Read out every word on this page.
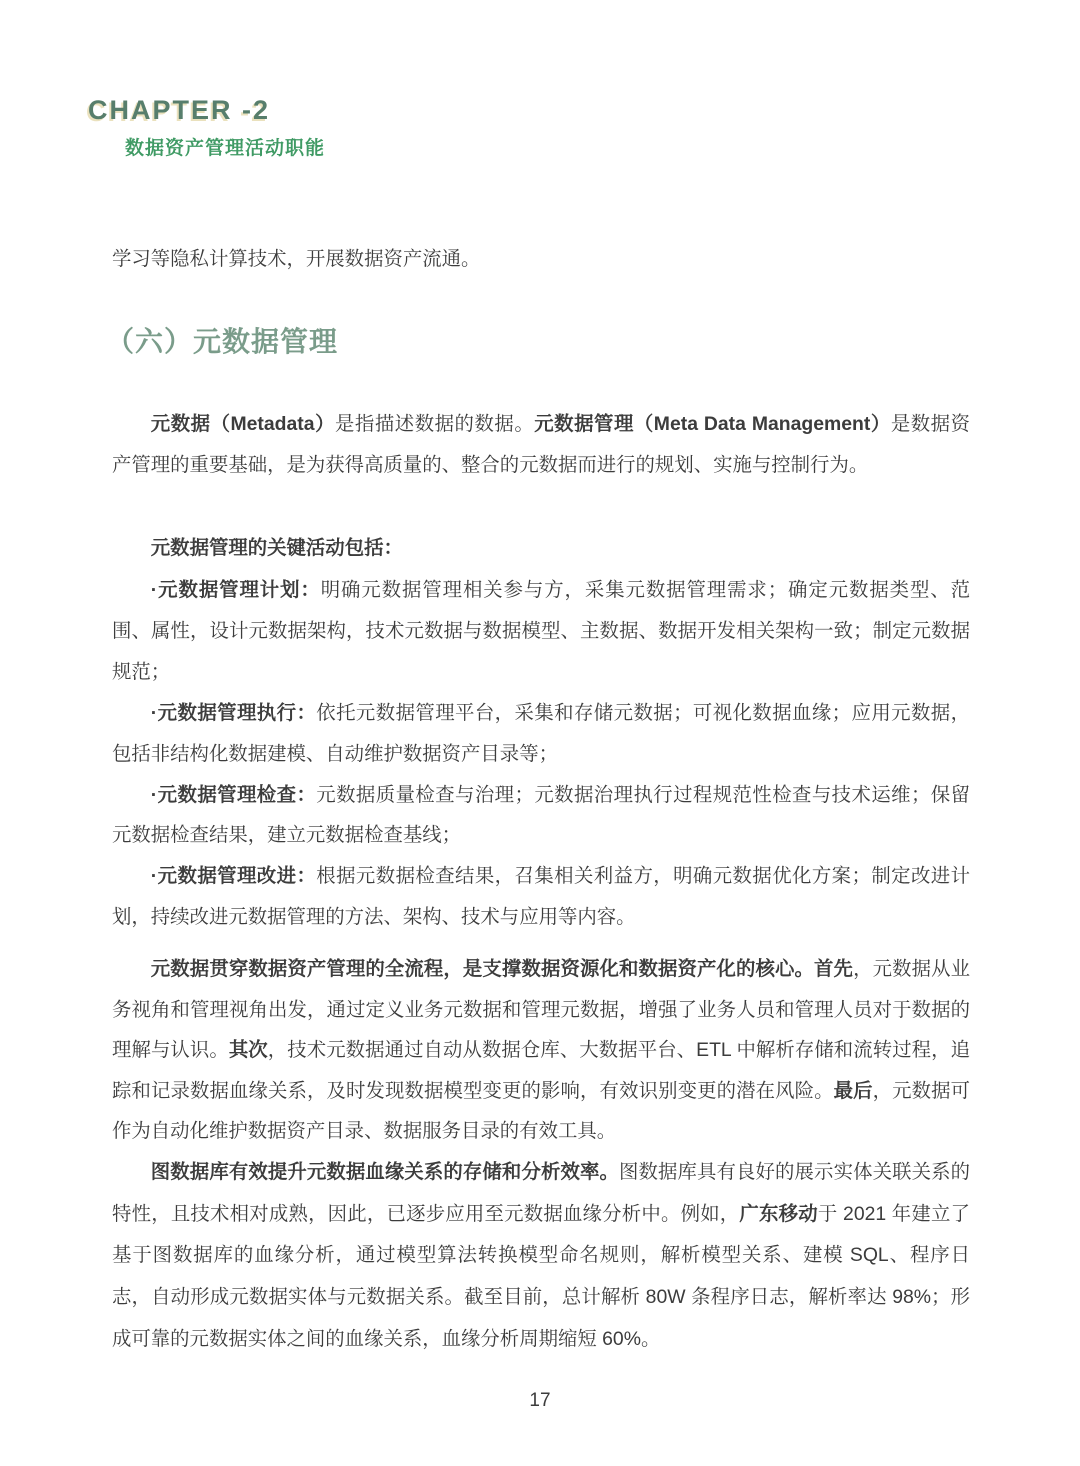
CHAPTER -2
数据资产管理活动职能
学习等隐私计算技术，开展数据资产流通。
（六）元数据管理
元数据（Metadata）是指描述数据的数据。元数据管理（Meta Data Management）是数据资产管理的重要基础，是为获得高质量的、整合的元数据而进行的规划、实施与控制行为。
元数据管理的关键活动包括：

·元数据管理计划：明确元数据管理相关参与方，采集元数据管理需求；确定元数据类型、范围、属性，设计元数据架构，技术元数据与数据模型、主数据、数据开发相关架构一致；制定元数据规范；

·元数据管理执行：依托元数据管理平台，采集和存储元数据；可视化数据血缘；应用元数据，包括非结构化数据建模、自动维护数据资产目录等；

·元数据管理检查：元数据质量检查与治理；元数据治理执行过程规范性检查与技术运维；保留元数据检查结果，建立元数据检查基线；

·元数据管理改进：根据元数据检查结果，召集相关利益方，明确元数据优化方案；制定改进计划，持续改进元数据管理的方法、架构、技术与应用等内容。

元数据贯穿数据资产管理的全流程，是支撑数据资源化和数据资产化的核心。首先，元数据从业务视角和管理视角出发，通过定义业务元数据和管理元数据，增强了业务人员和管理人员对于数据的理解与认识。其次，技术元数据通过自动从数据仓库、大数据平台、ETL 中解析存储和流转过程，追踪和记录数据血缘关系，及时发现数据模型变更的影响，有效识别变更的潜在风险。最后，元数据可作为自动化维护数据资产目录、数据服务目录的有效工具。
图数据库有效提升元数据血缘关系的存储和分析效率。图数据库具有良好的展示实体关联关系的特性，且技术相对成熟，因此，已逐步应用至元数据血缘分析中。例如，广东移动于 2021 年建立了基于图数据库的血缘分析，通过模型算法转换模型命名规则，解析模型关系、建模 SQL、程序日志，自动形成元数据实体与元数据关系。截至目前，总计解析 80W 条程序日志，解析率达 98%；形成可靠的元数据实体之间的血缘关系，血缘分析周期缩短 60%。
17
